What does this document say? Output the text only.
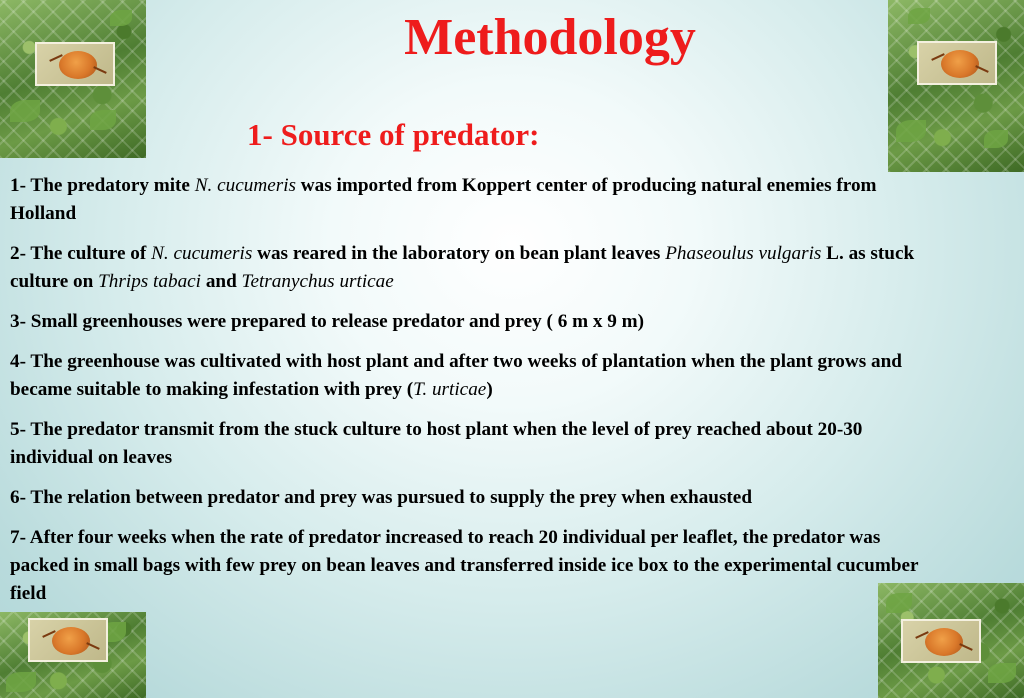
Methodology
1- Source of predator:

1- The predatory mite N. cucumeris was imported from Koppert center of producing natural enemies from Holland

2- The culture of N. cucumeris was reared in the laboratory on bean plant leaves Phaseoulus vulgaris L. as stuck culture on Thrips tabaci and Tetranychus urticae

3- Small greenhouses were prepared to release predator and prey ( 6 m x 9 m)

4- The greenhouse was cultivated with host plant and after two weeks of plantation when the plant grows and became suitable to making infestation with prey (T. urticae)

5- The predator transmit from the stuck culture to host plant when the level of prey reached about 20-30 individual on leaves

6- The relation between predator and prey was pursued to supply the prey when exhausted

7- After four weeks when the rate of predator increased to reach 20 individual per leaflet, the predator was packed in small bags with few prey on bean leaves and transferred inside ice box to the experimental cucumber field
